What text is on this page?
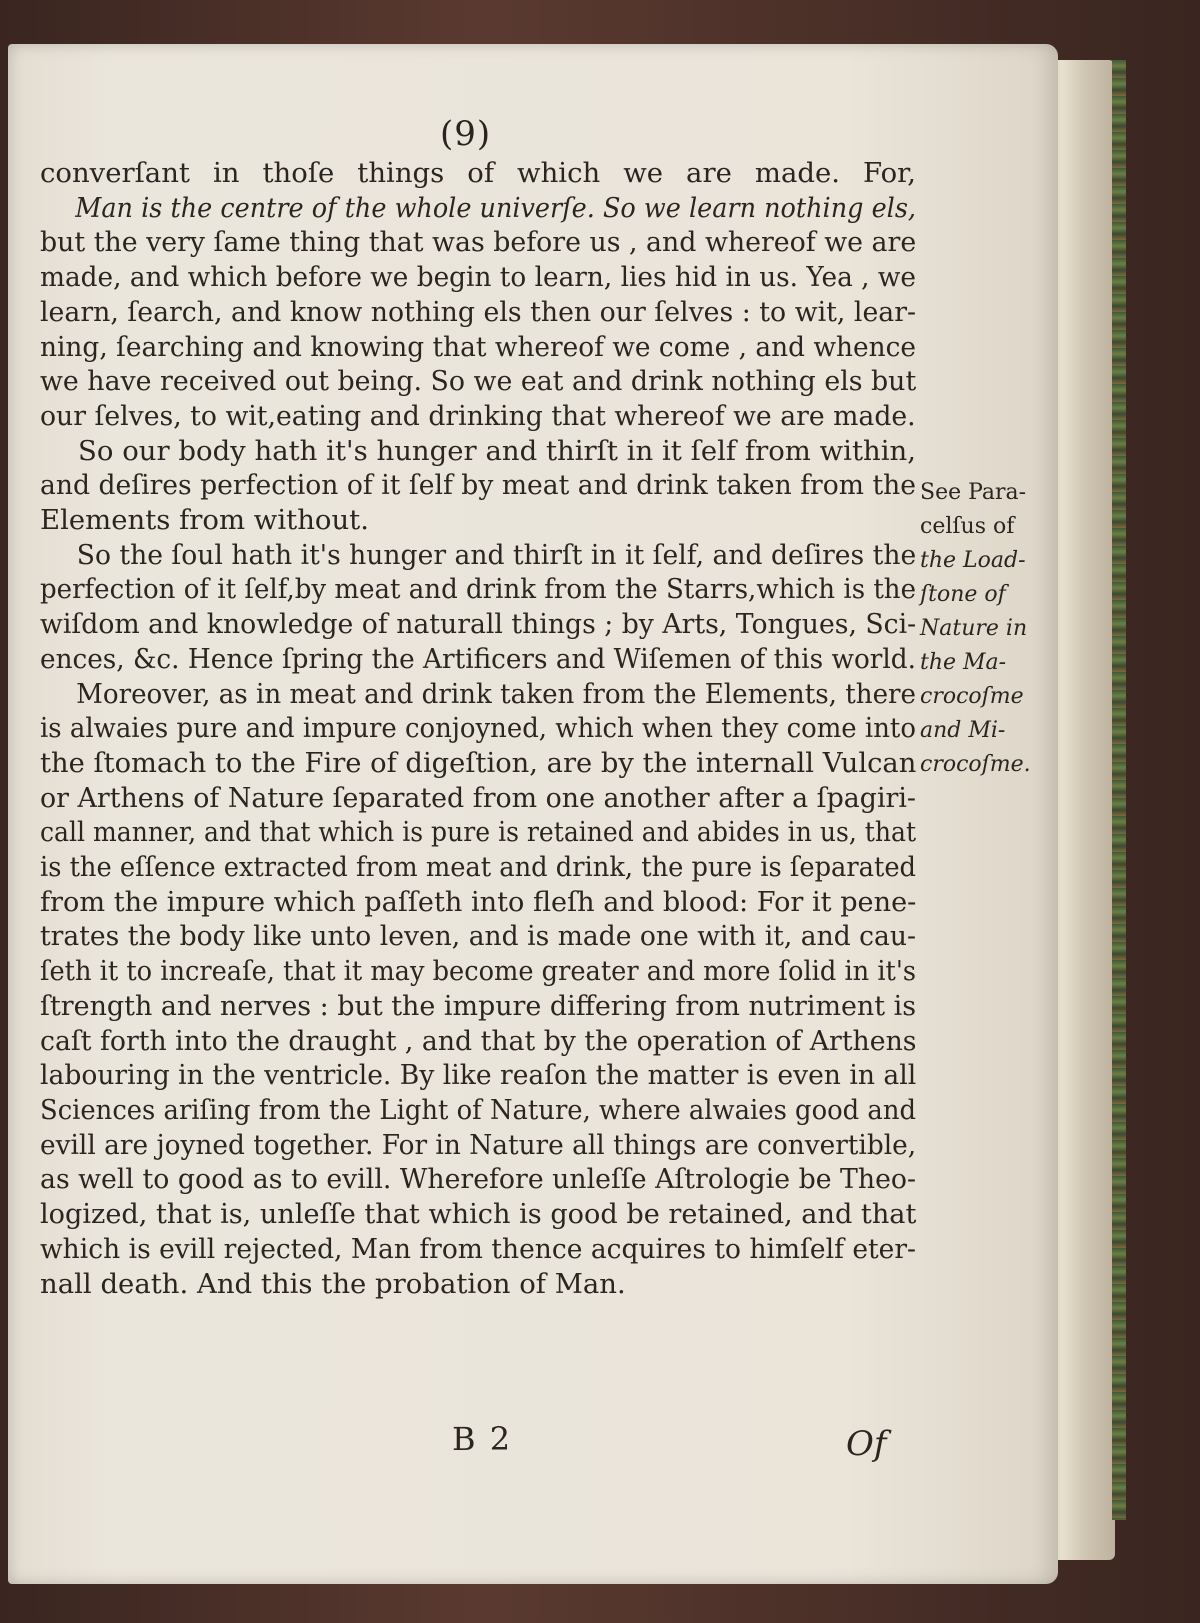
(9)
converſant in thoſe things of which we are made. For,
Man is the centre of the whole univerſe. So we learn nothing els,
but the very ſame thing that was before us , and whereof we are
made, and which before we begin to learn, lies hid in us. Yea , we
learn, ſearch, and know nothing els then our ſelves : to wit, lear-
ning, ſearching and knowing that whereof we come , and whence
we have received out being. So we eat and drink nothing els but
our ſelves, to wit,eating and drinking that whereof we are made.
So our body hath it's hunger and thirſt in it ſelf from within,
and deſires perfection of it ſelf by meat and drink taken from the
Elements from without.
So the ſoul hath it's hunger and thirſt in it ſelf, and deſires the
perfection of it ſelf,by meat and drink from the Starrs,which is the
wiſdom and knowledge of naturall things ; by Arts, Tongues, Sci-
ences, &c. Hence ſpring the Artificers and Wiſemen of this world.
Moreover, as in meat and drink taken from the Elements, there
is alwaies pure and impure conjoyned, which when they come into
the ſtomach to the Fire of digeſtion, are by the internall Vulcan
or Arthens of Nature ſeparated from one another after a ſpagiri-
call manner, and that which is pure is retained and abides in us, that
is the eſſence extracted from meat and drink, the pure is ſeparated
from the impure which paſſeth into fleſh and blood: For it pene-
trates the body like unto leven, and is made one with it, and cau-
ſeth it to increaſe, that it may become greater and more ſolid in it's
ſtrength and nerves : but the impure differing from nutriment is
caſt forth into the draught , and that by the operation of Arthens
labouring in the ventricle. By like reaſon the matter is even in all
Sciences ariſing from the Light of Nature, where alwaies good and
evill are joyned together. For in Nature all things are convertible,
as well to good as to evill. Wherefore unleſſe Aſtrologie be Theo-
logized, that is, unleſſe that which is good be retained, and that
which is evill rejected, Man from thence acquires to himſelf eter-
nall death. And this the probation of Man.
See Para-
celſus of
the Load-
ſtone of
Nature in
the Ma-
crocoſme
and Mi-
crocoſme.
B 2	Of
